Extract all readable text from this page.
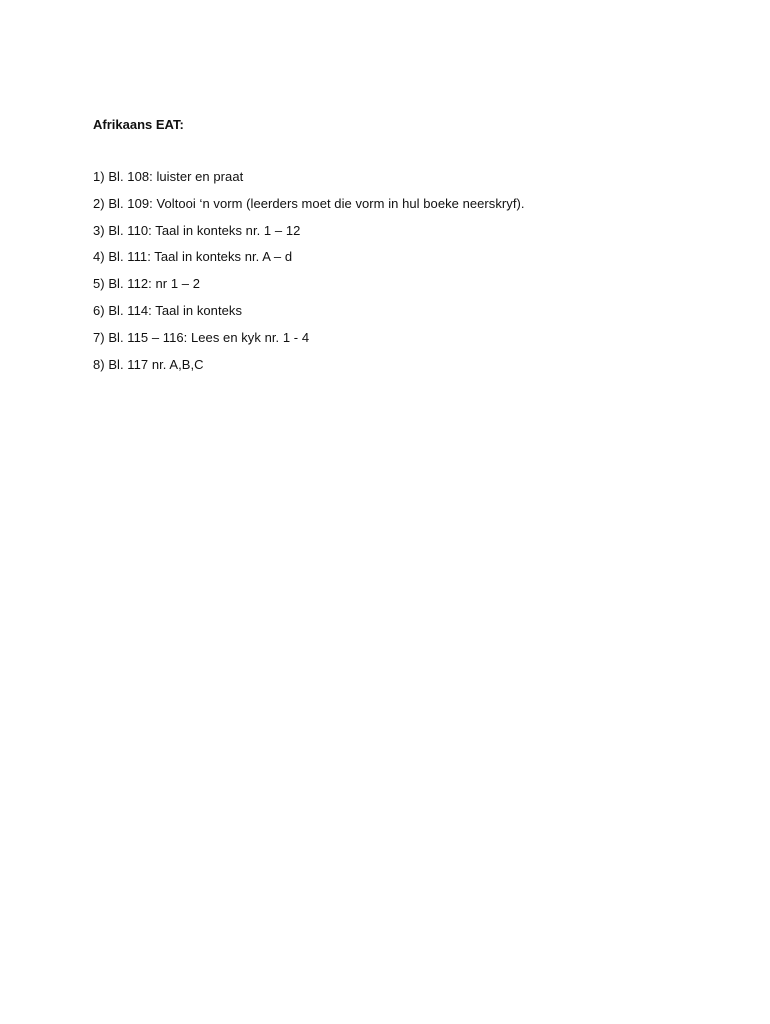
Afrikaans EAT:
1) Bl. 108: luister en praat
2) Bl. 109: Voltooi ‘n vorm (leerders moet die vorm in hul boeke neerskryf).
3) Bl. 110: Taal in konteks nr. 1 – 12
4) Bl. 111: Taal in konteks nr. A – d
5) Bl. 112: nr 1 – 2
6) Bl. 114: Taal in konteks
7) Bl. 115 – 116: Lees en kyk nr. 1 - 4
8) Bl. 117 nr. A,B,C
